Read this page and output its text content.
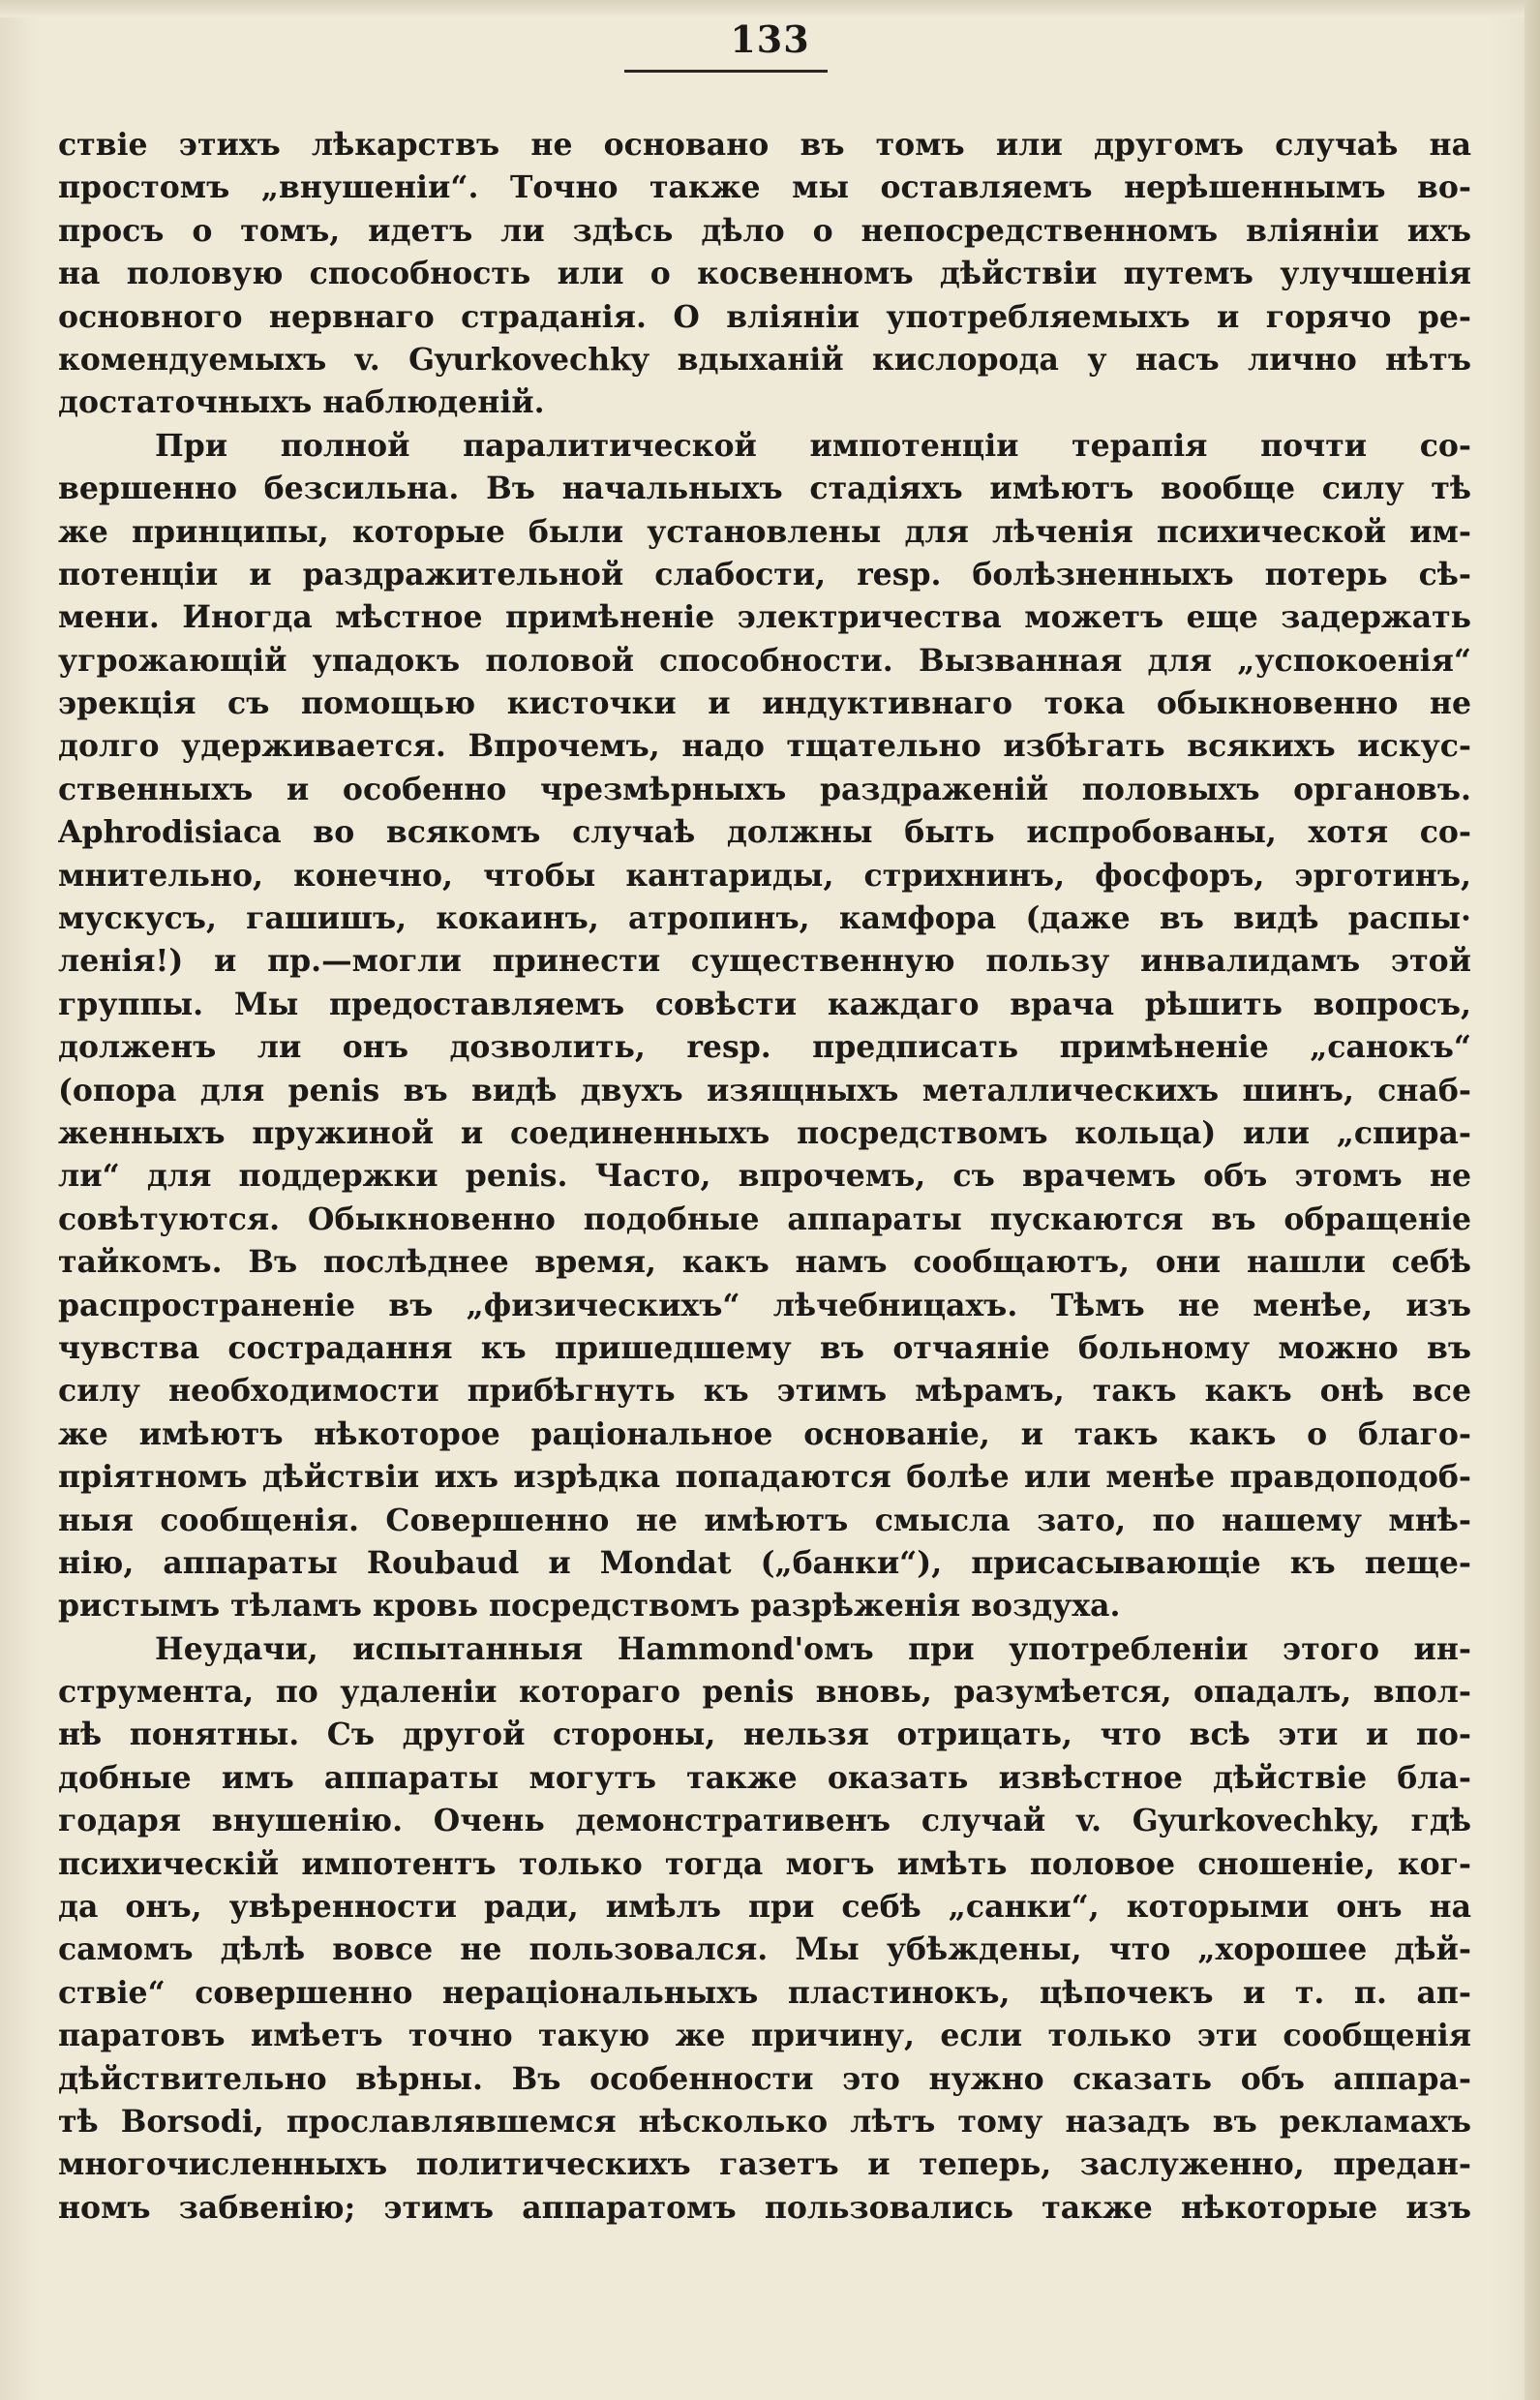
133
ствіе этихъ лѣкарствъ не основано въ томъ или другомъ случаѣ на
простомъ „внушеніи“. Точно также мы оставляемъ нерѣшеннымъ во-
просъ о томъ, идетъ ли здѣсь дѣло о непосредственномъ вліяніи ихъ
на половую способность или о косвенномъ дѣйствіи путемъ улучшенія
основного нервнаго страданія. О вліяніи употребляемыхъ и горячо ре-
комендуемыхъ v. Gyurkovechky вдыханій кислорода у насъ лично нѣтъ
достаточныхъ наблюденій.
При полной паралитической импотенціи терапія почти со-
вершенно безсильна. Въ начальныхъ стадіяхъ имѣютъ вообще силу тѣ
же принципы, которые были установлены для лѣченія психической им-
потенціи и раздражительной слабости, resp. болѣзненныхъ потерь сѣ-
мени. Иногда мѣстное примѣненіе электричества можетъ еще задержать
угрожающій упадокъ половой способности. Вызванная для „успокоенія“
эрекція съ помощью кисточки и индуктивнаго тока обыкновенно не
долго удерживается. Впрочемъ, надо тщательно избѣгать всякихъ искус-
ственныхъ и особенно чрезмѣрныхъ раздраженій половыхъ органовъ.
Aphrodisiaca во всякомъ случаѣ должны быть испробованы, хотя со-
мнительно, конечно, чтобы кантариды, стрихнинъ, фосфоръ, эрготинъ,
мускусъ, гашишъ, кокаинъ, атропинъ, камфора (даже въ видѣ распы·
ленія!) и пр.—могли принести существенную пользу инвалидамъ этой
группы. Мы предоставляемъ совѣсти каждаго врача рѣшить вопросъ,
долженъ ли онъ дозволить, resp. предписать примѣненіе „санокъ“
(опора для penis въ видѣ двухъ изящныхъ металлическихъ шинъ, снаб-
женныхъ пружиной и соединенныхъ посредствомъ кольца) или „спира-
ли“ для поддержки penis. Часто, впрочемъ, съ врачемъ объ этомъ не
совѣтуются. Обыкновенно подобные аппараты пускаются въ обращеніе
тайкомъ. Въ послѣднее время, какъ намъ сообщаютъ, они нашли себѣ
распространеніе въ „физическихъ“ лѣчебницахъ. Тѣмъ не менѣе, изъ
чувства сострадання къ пришедшему въ отчаяніе больному можно въ
силу необходимости прибѣгнуть къ этимъ мѣрамъ, такъ какъ онѣ все
же имѣютъ нѣкоторое раціональное основаніе, и такъ какъ о благо-
пріятномъ дѣйствіи ихъ изрѣдка попадаются болѣе или менѣе правдоподоб-
ныя сообщенія. Совершенно не имѣютъ смысла зато, по нашему мнѣ-
нію, аппараты Roubaud и Mondat („банки“), присасывающіе къ пеще-
ристымъ тѣламъ кровь посредствомъ разрѣженія воздуха.
Неудачи, испытанныя Hammond'омъ при употребленіи этого ин-
струмента, по удаленіи котораго penis вновь, разумѣется, опадалъ, впол-
нѣ понятны. Съ другой стороны, нельзя отрицать, что всѣ эти и по-
добные имъ аппараты могутъ также оказать извѣстное дѣйствіе бла-
годаря внушенію. Очень демонстративенъ случай v. Gyurkovechky, гдѣ
психическій импотентъ только тогда могъ имѣть половое сношеніе, ког-
да онъ, увѣренности ради, имѣлъ при себѣ „санки“, которыми онъ на
самомъ дѣлѣ вовсе не пользовался. Мы убѣждены, что „хорошее дѣй-
ствіе“ совершенно нераціональныхъ пластинокъ, цѣпочекъ и т. п. ап-
паратовъ имѣетъ точно такую же причину, если только эти сообщенія
дѣйствительно вѣрны. Въ особенности это нужно сказать объ аппара-
тѣ Borsodi, прославлявшемся нѣсколько лѣтъ тому назадъ въ рекламахъ
многочисленныхъ политическихъ газетъ и теперь, заслуженно, предан-
номъ забвенію; этимъ аппаратомъ пользовались также нѣкоторые изъ
